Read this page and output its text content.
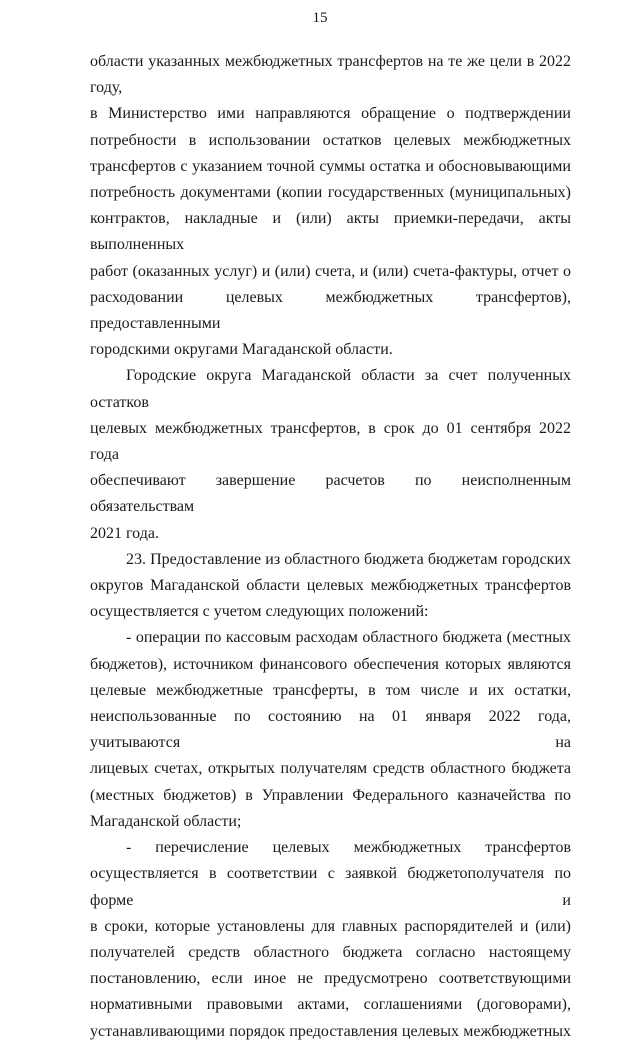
15

области указанных межбюджетных трансфертов на те же цели в 2022 году,

в Министерство ими направляются обращение о подтверждении

потребности в использовании остатков целевых межбюджетных

трансфертов с указанием точной суммы остатка и обосновывающими

потребность документами (копии государственных (муниципальных)

контрактов, накладные и (или) акты приемки-передачи, акты выполненных

работ (оказанных услуг) и (или) счета, и (или) счета-фактуры, отчет о

расходовании целевых межбюджетных трансфертов), предоставленными

городскими округами Магаданской области.

Городские округа Магаданской области за счет полученных остатков

целевых межбюджетных трансфертов, в срок до 01 сентября 2022 года

обеспечивают завершение расчетов по неисполненным обязательствам

2021 года.

23. Предоставление из областного бюджета бюджетам городских

округов Магаданской области целевых межбюджетных трансфертов

осуществляется с учетом следующих положений:

- операции по кассовым расходам областного бюджета (местных

бюджетов), источником финансового обеспечения которых являются

целевые межбюджетные трансферты, в том числе и их остатки,

неиспользованные по состоянию на 01 января 2022 года, учитываются на

лицевых счетах, открытых получателям средств областного бюджета

(местных бюджетов) в Управлении Федерального казначейства по

Магаданской области;

- перечисление целевых межбюджетных трансфертов

осуществляется в соответствии с заявкой бюджетополучателя по форме и

в сроки, которые установлены для главных распорядителей и (или)

получателей средств областного бюджета согласно настоящему

постановлению, если иное не предусмотрено соответствующими

нормативными правовыми актами, соглашениями (договорами),

устанавливающими порядок предоставления целевых межбюджетных
